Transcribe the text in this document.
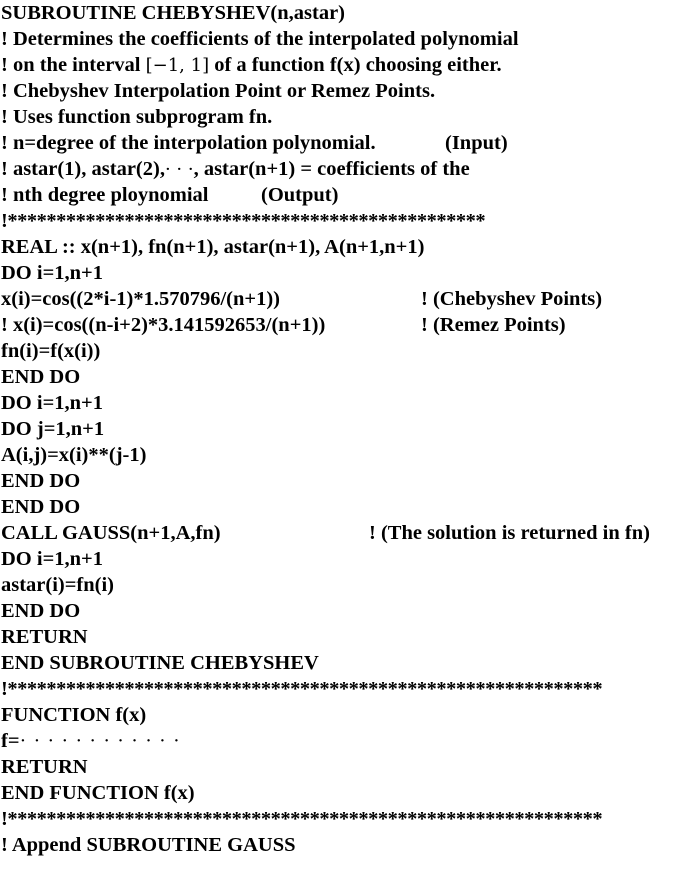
SUBROUTINE CHEBYSHEV(n,astar)
! Determines the coefficients of the interpolated polynomial
! on the interval [−1, 1] of a function f(x) choosing either.
! Chebyshev Interpolation Point or Remez Points.
! Uses function subprogram fn.
! n=degree of the interpolation polynomial.	(Input)
! astar(1), astar(2),· · ·, astar(n+1) = coefficients of the
! nth degree ploynomial	(Output)
!*************************************************
REAL :: x(n+1), fn(n+1), astar(n+1), A(n+1,n+1)
DO i=1,n+1
x(i)=cos((2*i-1)*1.570796/(n+1))	! (Chebyshev Points)
! x(i)=cos((n-i+2)*3.141592653/(n+1))	! (Remez Points)
fn(i)=f(x(i))
END DO
DO i=1,n+1
DO j=1,n+1
A(i,j)=x(i)**(j-1)
END DO
END DO
CALL GAUSS(n+1,A,fn)	! (The solution is returned in fn)
DO i=1,n+1
astar(i)=fn(i)
END DO
RETURN
END SUBROUTINE CHEBYSHEV
!*************************************************************
FUNCTION f(x)
f=· · · · · · · · · · · ·
RETURN
END FUNCTION f(x)
!*************************************************************
! Append SUBROUTINE GAUSS
